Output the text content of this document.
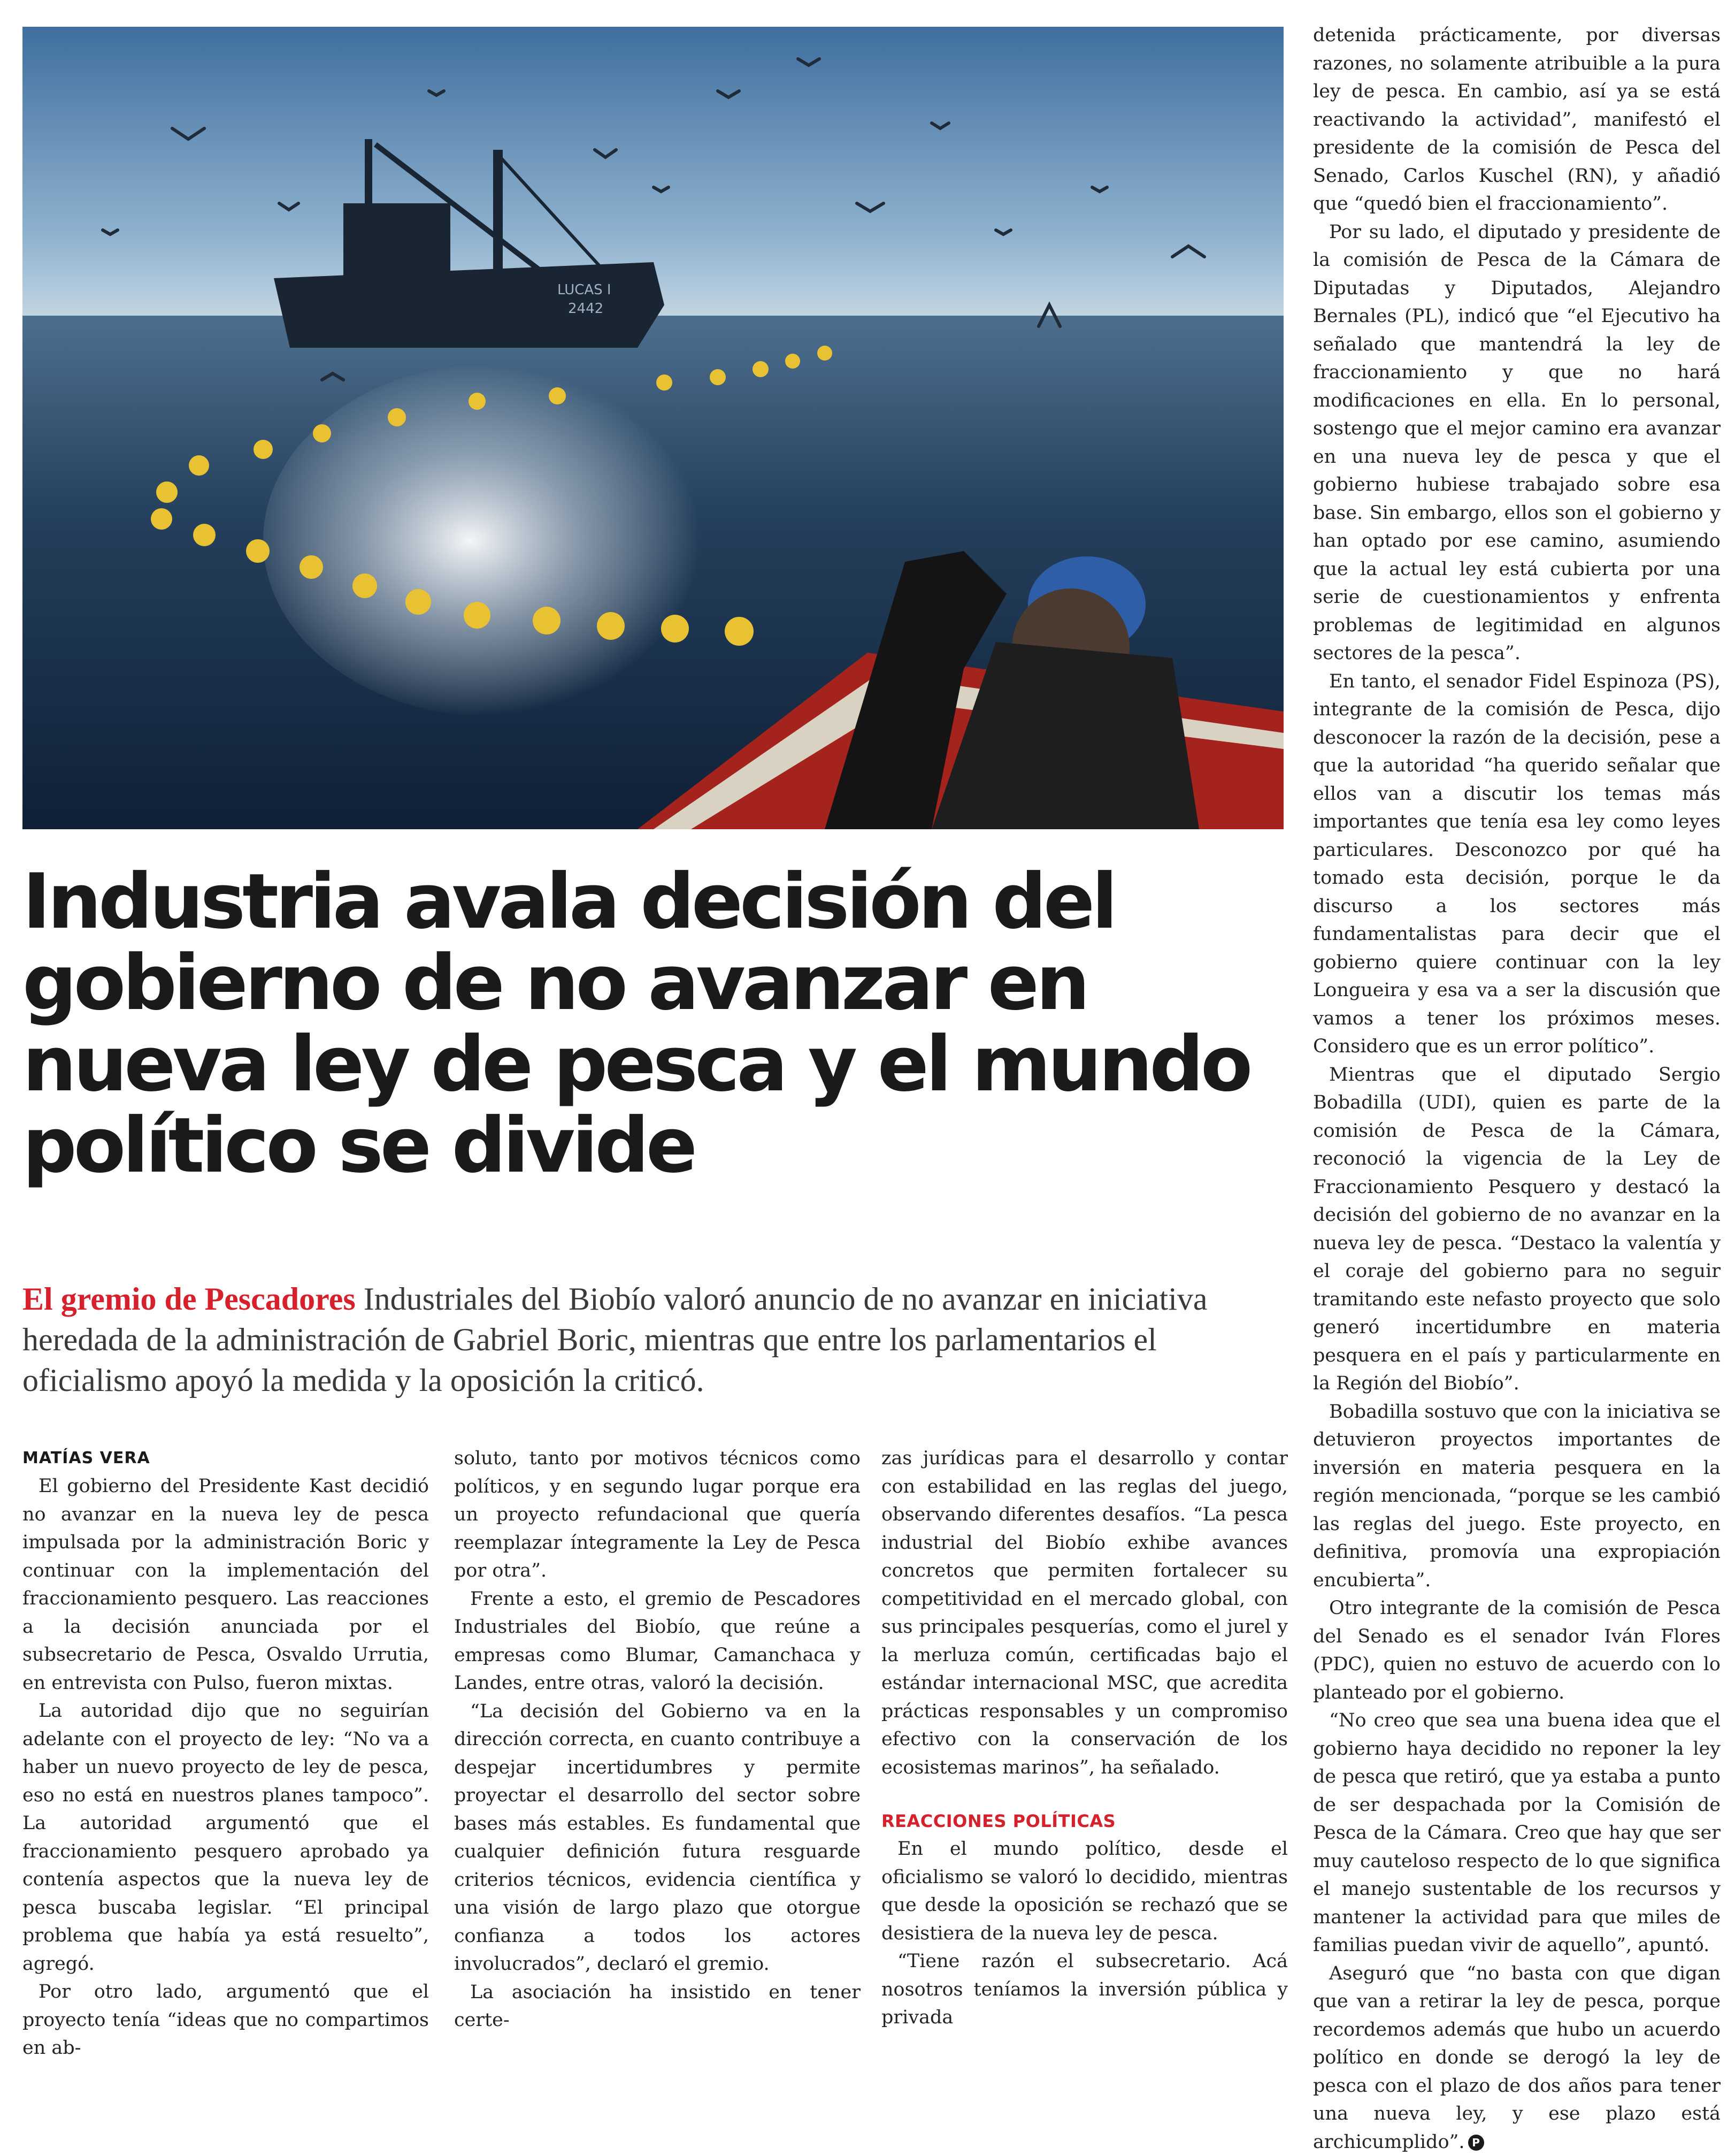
LUCAS I
2442
Industria avala decisión del gobierno de no avanzar en nueva ley de pesca y el mundo político se divide

El gremio de Pescadores Industriales del Biobío valoró anuncio de no avanzar en iniciativa heredada de la administración de Gabriel Boric, mientras que entre los parlamentarios el oficialismo apoyó la medida y la oposición la criticó.

MATÍAS VERA

El gobierno del Presidente Kast decidió no avanzar en la nueva ley de pesca impulsada por la administración Boric y continuar con la implementación del fraccionamiento pesquero. Las reacciones a la decisión anunciada por el subsecretario de Pesca, Osvaldo Urrutia, en entrevista con Pulso, fueron mixtas.

La autoridad dijo que no seguirían adelante con el proyecto de ley: “No va a haber un nuevo proyecto de ley de pesca, eso no está en nuestros planes tampoco”. La autoridad argumentó que el fraccionamiento pesquero aprobado ya contenía aspectos que la nueva ley de pesca buscaba legislar. “El principal problema que había ya está resuelto”, agregó.

Por otro lado, argumentó que el proyecto tenía “ideas que no compartimos en ab-

soluto, tanto por motivos técnicos como políticos, y en segundo lugar porque era un proyecto refundacional que quería reemplazar íntegramente la Ley de Pesca por otra”.

Frente a esto, el gremio de Pescadores Industriales del Biobío, que reúne a empresas como Blumar, Camanchaca y Landes, entre otras, valoró la decisión.

“La decisión del Gobierno va en la dirección correcta, en cuanto contribuye a despejar incertidumbres y permite proyectar el desarrollo del sector sobre bases más estables. Es fundamental que cualquier definición futura resguarde criterios técnicos, evidencia científica y una visión de largo plazo que otorgue confianza a todos los actores involucrados”, declaró el gremio.

La asociación ha insistido en tener certe-

zas jurídicas para el desarrollo y contar con estabilidad en las reglas del juego, observando diferentes desafíos. “La pesca industrial del Biobío exhibe avances concretos que permiten fortalecer su competitividad en el mercado global, con sus principales pesquerías, como el jurel y la merluza común, certificadas bajo el estándar internacional MSC, que acredita prácticas responsables y un compromiso efectivo con la conservación de los ecosistemas marinos”, ha señalado.

REACCIONES POLÍTICAS

En el mundo político, desde el oficialismo se valoró lo decidido, mientras que desde la oposición se rechazó que se desistiera de la nueva ley de pesca.

“Tiene razón el subsecretario. Acá nosotros teníamos la inversión pública y privada

detenida prácticamente, por diversas razones, no solamente atribuible a la pura ley de pesca. En cambio, así ya se está reactivando la actividad”, manifestó el presidente de la comisión de Pesca del Senado, Carlos Kuschel (RN), y añadió que “quedó bien el fraccionamiento”.

Por su lado, el diputado y presidente de la comisión de Pesca de la Cámara de Diputadas y Diputados, Alejandro Bernales (PL), indicó que “el Ejecutivo ha señalado que mantendrá la ley de fraccionamiento y que no hará modificaciones en ella. En lo personal, sostengo que el mejor camino era avanzar en una nueva ley de pesca y que el gobierno hubiese trabajado sobre esa base. Sin embargo, ellos son el gobierno y han optado por ese camino, asumiendo que la actual ley está cubierta por una serie de cuestionamientos y enfrenta problemas de legitimidad en algunos sectores de la pesca”.

En tanto, el senador Fidel Espinoza (PS), integrante de la comisión de Pesca, dijo desconocer la razón de la decisión, pese a que la autoridad “ha querido señalar que ellos van a discutir los temas más importantes que tenía esa ley como leyes particulares. Desconozco por qué ha tomado esta decisión, porque le da discurso a los sectores más fundamentalistas para decir que el gobierno quiere continuar con la ley Longueira y esa va a ser la discusión que vamos a tener los próximos meses. Considero que es un error político”.

Mientras que el diputado Sergio Bobadilla (UDI), quien es parte de la comisión de Pesca de la Cámara, reconoció la vigencia de la Ley de Fraccionamiento Pesquero y destacó la decisión del gobierno de no avanzar en la nueva ley de pesca. “Destaco la valentía y el coraje del gobierno para no seguir tramitando este nefasto proyecto que solo generó incertidumbre en materia pesquera en el país y particularmente en la Región del Biobío”.

Bobadilla sostuvo que con la iniciativa se detuvieron proyectos importantes de inversión en materia pesquera en la región mencionada, “porque se les cambió las reglas del juego. Este proyecto, en definitiva, promovía una expropiación encubierta”.

Otro integrante de la comisión de Pesca del Senado es el senador Iván Flores (PDC), quien no estuvo de acuerdo con lo planteado por el gobierno.

“No creo que sea una buena idea que el gobierno haya decidido no reponer la ley de pesca que retiró, que ya estaba a punto de ser despachada por la Comisión de Pesca de la Cámara. Creo que hay que ser muy cauteloso respecto de lo que significa el manejo sustentable de los recursos y mantener la actividad para que miles de familias puedan vivir de aquello”, apuntó.

Aseguró que “no basta con que digan que van a retirar la ley de pesca, porque recordemos además que hubo un acuerdo político en donde se derogó la ley de pesca con el plazo de dos años para tener una nueva ley, y ese plazo está archicumplido”. P
